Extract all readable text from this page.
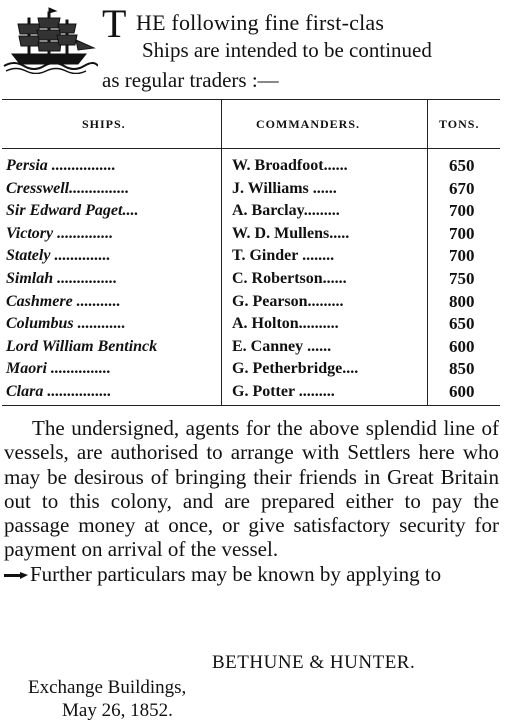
T HE following fine first-clas
Ships are intended to be continued
as regular traders :—
SHIPS.	COMMANDERS.	TONS.
Persia ................	W. Broadfoot......	650
Cresswell...............	J. Williams ......	670
Sir Edward Paget....	A. Barclay.........	700
Victory ..............	W. D. Mullens.....	700
Stately ..............	T. Ginder ........	700
Simlah ...............	C. Robertson......	750
Cashmere ...........	G. Pearson.........	800
Columbus ............	A. Holton..........	650
Lord William Bentinck	E. Canney ......	600
Maori ...............	G. Petherbridge....	850
Clara ................	G. Potter .........	600

The undersigned, agents for the above splendid line of vessels, are authorised to arrange with Settlers here who may be desirous of bringing their friends in Great Britain out to this colony, and are prepared either to pay the passage money at once, or give satisfactory security for payment on arrival of the vessel.

Further particulars may be known by applying to

BETHUNE & HUNTER.
Exchange Buildings,
May 26, 1852.
